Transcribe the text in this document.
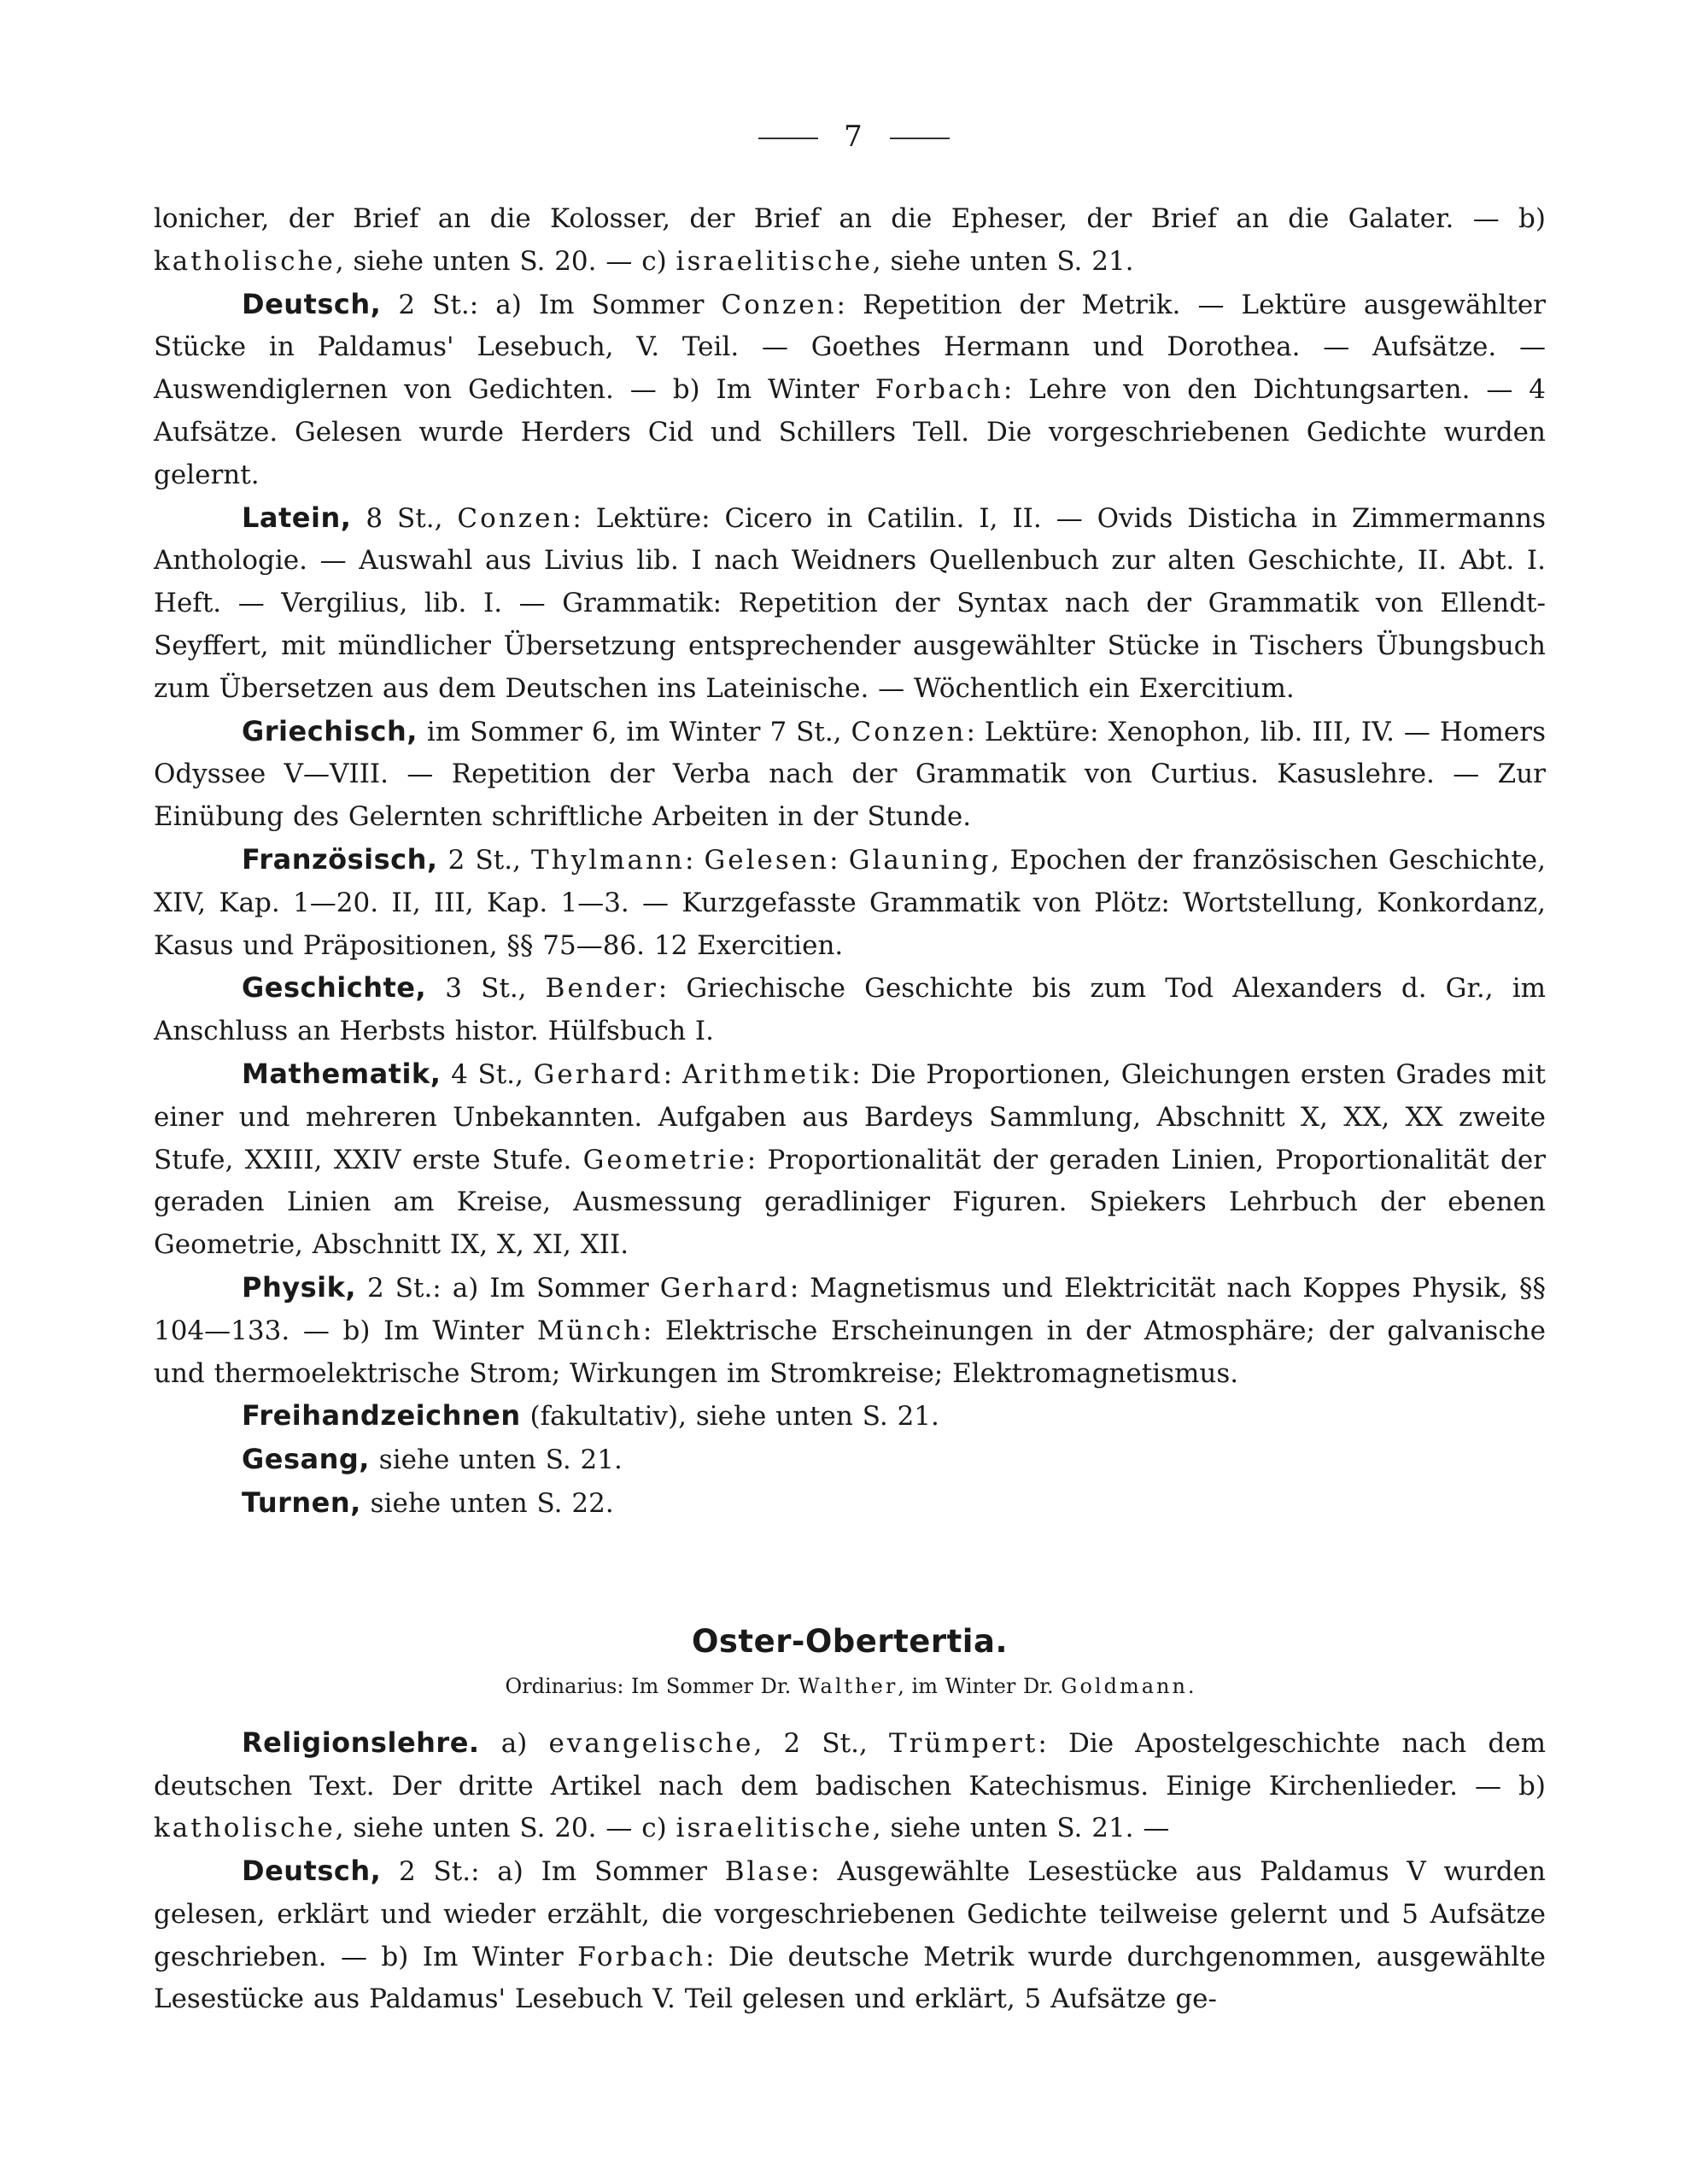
7

lonicher, der Brief an die Kolosser, der Brief an die Epheser, der Brief an die Galater. — b) katholische, siehe unten S. 20. — c) israelitische, siehe unten S. 21.

Deutsch, 2 St.: a) Im Sommer Conzen: Repetition der Metrik. — Lektüre ausgewählter Stücke in Paldamus' Lesebuch, V. Teil. — Goethes Hermann und Dorothea. — Aufsätze. — Auswendiglernen von Gedichten. — b) Im Winter Forbach: Lehre von den Dichtungsarten. — 4 Aufsätze. Gelesen wurde Herders Cid und Schillers Tell. Die vorgeschriebenen Gedichte wurden gelernt.

Latein, 8 St., Conzen: Lektüre: Cicero in Catilin. I, II. — Ovids Disticha in Zimmermanns Anthologie. — Auswahl aus Livius lib. I nach Weidners Quellenbuch zur alten Geschichte, II. Abt. I. Heft. — Vergilius, lib. I. — Grammatik: Repetition der Syntax nach der Grammatik von Ellendt-Seyffert, mit mündlicher Übersetzung entsprechender ausgewählter Stücke in Tischers Übungsbuch zum Übersetzen aus dem Deutschen ins Lateinische. — Wöchentlich ein Exercitium.

Griechisch, im Sommer 6, im Winter 7 St., Conzen: Lektüre: Xenophon, lib. III, IV. — Homers Odyssee V—VIII. — Repetition der Verba nach der Grammatik von Curtius. Kasuslehre. — Zur Einübung des Gelernten schriftliche Arbeiten in der Stunde.

Französisch, 2 St., Thylmann: Gelesen: Glauning, Epochen der französischen Geschichte, XIV, Kap. 1—20. II, III, Kap. 1—3. — Kurzgefasste Grammatik von Plötz: Wortstellung, Konkordanz, Kasus und Präpositionen, §§ 75—86. 12 Exercitien.

Geschichte, 3 St., Bender: Griechische Geschichte bis zum Tod Alexanders d. Gr., im Anschluss an Herbsts histor. Hülfsbuch I.

Mathematik, 4 St., Gerhard: Arithmetik: Die Proportionen, Gleichungen ersten Grades mit einer und mehreren Unbekannten. Aufgaben aus Bardeys Sammlung, Abschnitt X, XX, XX zweite Stufe, XXIII, XXIV erste Stufe. Geometrie: Proportionalität der geraden Linien, Proportionalität der geraden Linien am Kreise, Ausmessung geradliniger Figuren. Spiekers Lehrbuch der ebenen Geometrie, Abschnitt IX, X, XI, XII.

Physik, 2 St.: a) Im Sommer Gerhard: Magnetismus und Elektricität nach Koppes Physik, §§ 104—133. — b) Im Winter Münch: Elektrische Erscheinungen in der Atmosphäre; der galvanische und thermoelektrische Strom; Wirkungen im Stromkreise; Elektromagnetismus.

Freihandzeichnen (fakultativ), siehe unten S. 21.

Gesang, siehe unten S. 21.

Turnen, siehe unten S. 22.

Oster-Obertertia.

Ordinarius: Im Sommer Dr. Walther, im Winter Dr. Goldmann.

Religionslehre. a) evangelische, 2 St., Trümpert: Die Apostelgeschichte nach dem deutschen Text. Der dritte Artikel nach dem badischen Katechismus. Einige Kirchenlieder. — b) katholische, siehe unten S. 20. — c) israelitische, siehe unten S. 21. —

Deutsch, 2 St.: a) Im Sommer Blase: Ausgewählte Lesestücke aus Paldamus V wurden gelesen, erklärt und wieder erzählt, die vorgeschriebenen Gedichte teilweise gelernt und 5 Aufsätze geschrieben. — b) Im Winter Forbach: Die deutsche Metrik wurde durchgenommen, ausgewählte Lesestücke aus Paldamus' Lesebuch V. Teil gelesen und erklärt, 5 Aufsätze ge-
